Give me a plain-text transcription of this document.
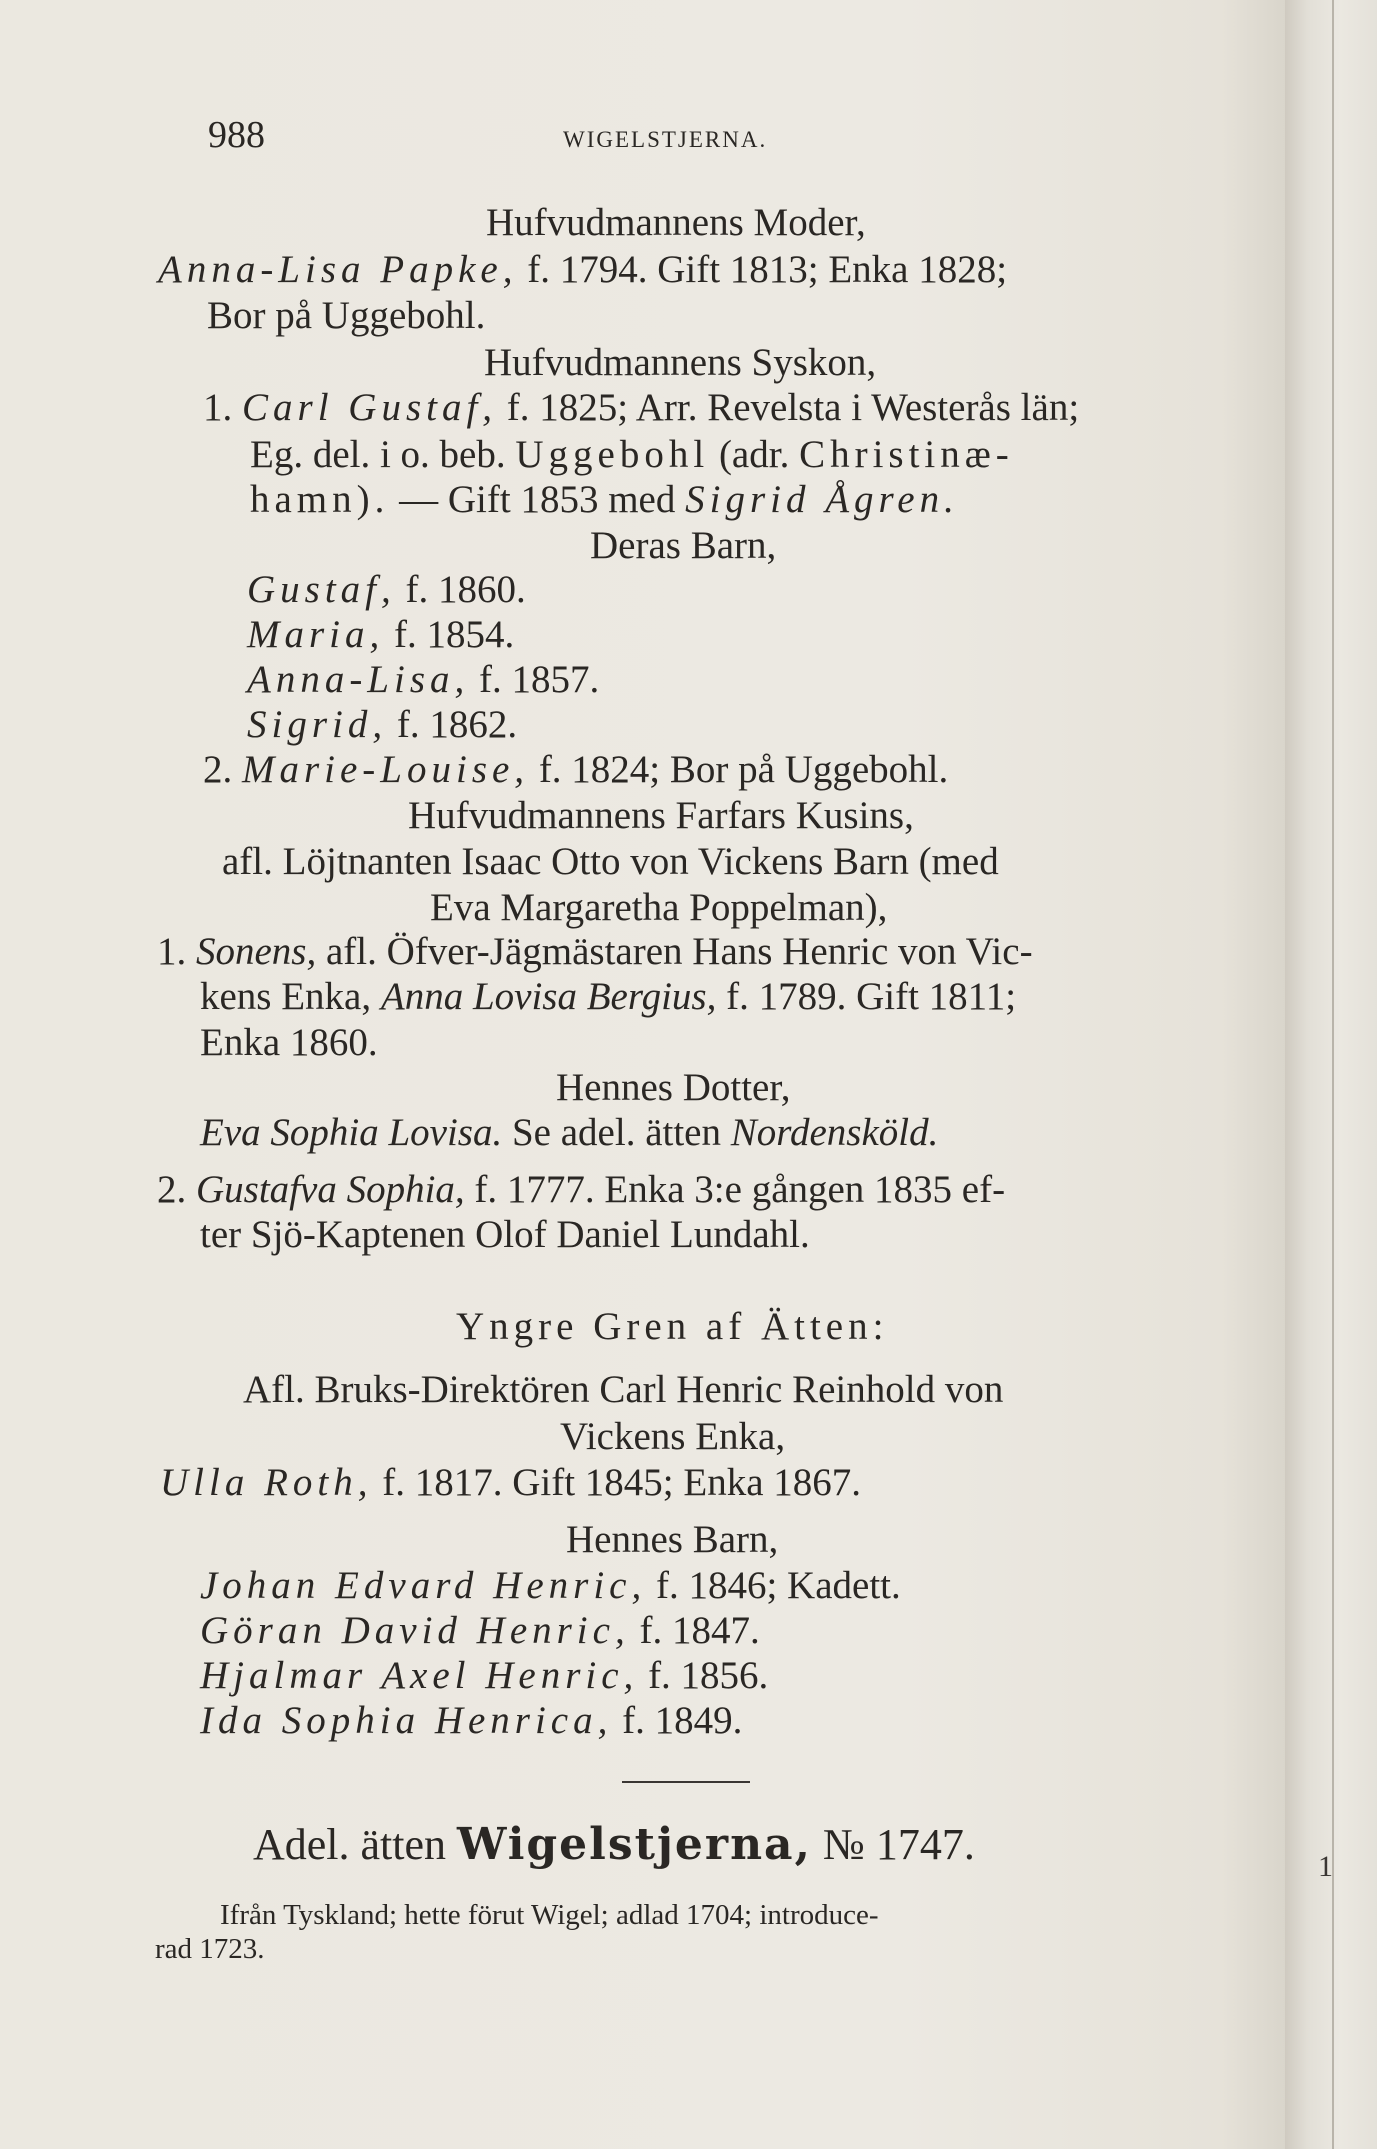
1
988	WIGELSTJERNA.
Hufvudmannens Moder,
Anna-Lisa Papke, f. 1794. Gift 1813; Enka 1828;
Bor på Uggebohl.
Hufvudmannens Syskon,
1. Carl Gustaf, f. 1825; Arr. Revelsta i Westerås län;
Eg. del. i o. beb. Uggebohl (adr. Christinæ-
hamn). — Gift 1853 med Sigrid Ågren.
Deras Barn,
Gustaf, f. 1860.
Maria, f. 1854.
Anna-Lisa, f. 1857.
Sigrid, f. 1862.
2. Marie-Louise, f. 1824; Bor på Uggebohl.
Hufvudmannens Farfars Kusins,
afl. Löjtnanten Isaac Otto von Vickens Barn (med
Eva Margaretha Poppelman),
1. Sonens, afl. Öfver-Jägmästaren Hans Henric von Vic-
kens Enka, Anna Lovisa Bergius, f. 1789. Gift 1811;
Enka 1860.
Hennes Dotter,
Eva Sophia Lovisa. Se adel. ätten Nordensköld.
2. Gustafva Sophia, f. 1777. Enka 3:e gången 1835 ef-
ter Sjö-Kaptenen Olof Daniel Lundahl.
Yngre Gren af Ätten:
Afl. Bruks-Direktören Carl Henric Reinhold von
Vickens Enka,
Ulla Roth, f. 1817. Gift 1845; Enka 1867.
Hennes Barn,
Johan Edvard Henric, f. 1846; Kadett.
Göran David Henric, f. 1847.
Hjalmar Axel Henric, f. 1856.
Ida Sophia Henrica, f. 1849.
Adel. ätten Wigelstjerna, № 1747.
Ifrån Tyskland; hette förut Wigel; adlad 1704; introduce-
rad 1723.
